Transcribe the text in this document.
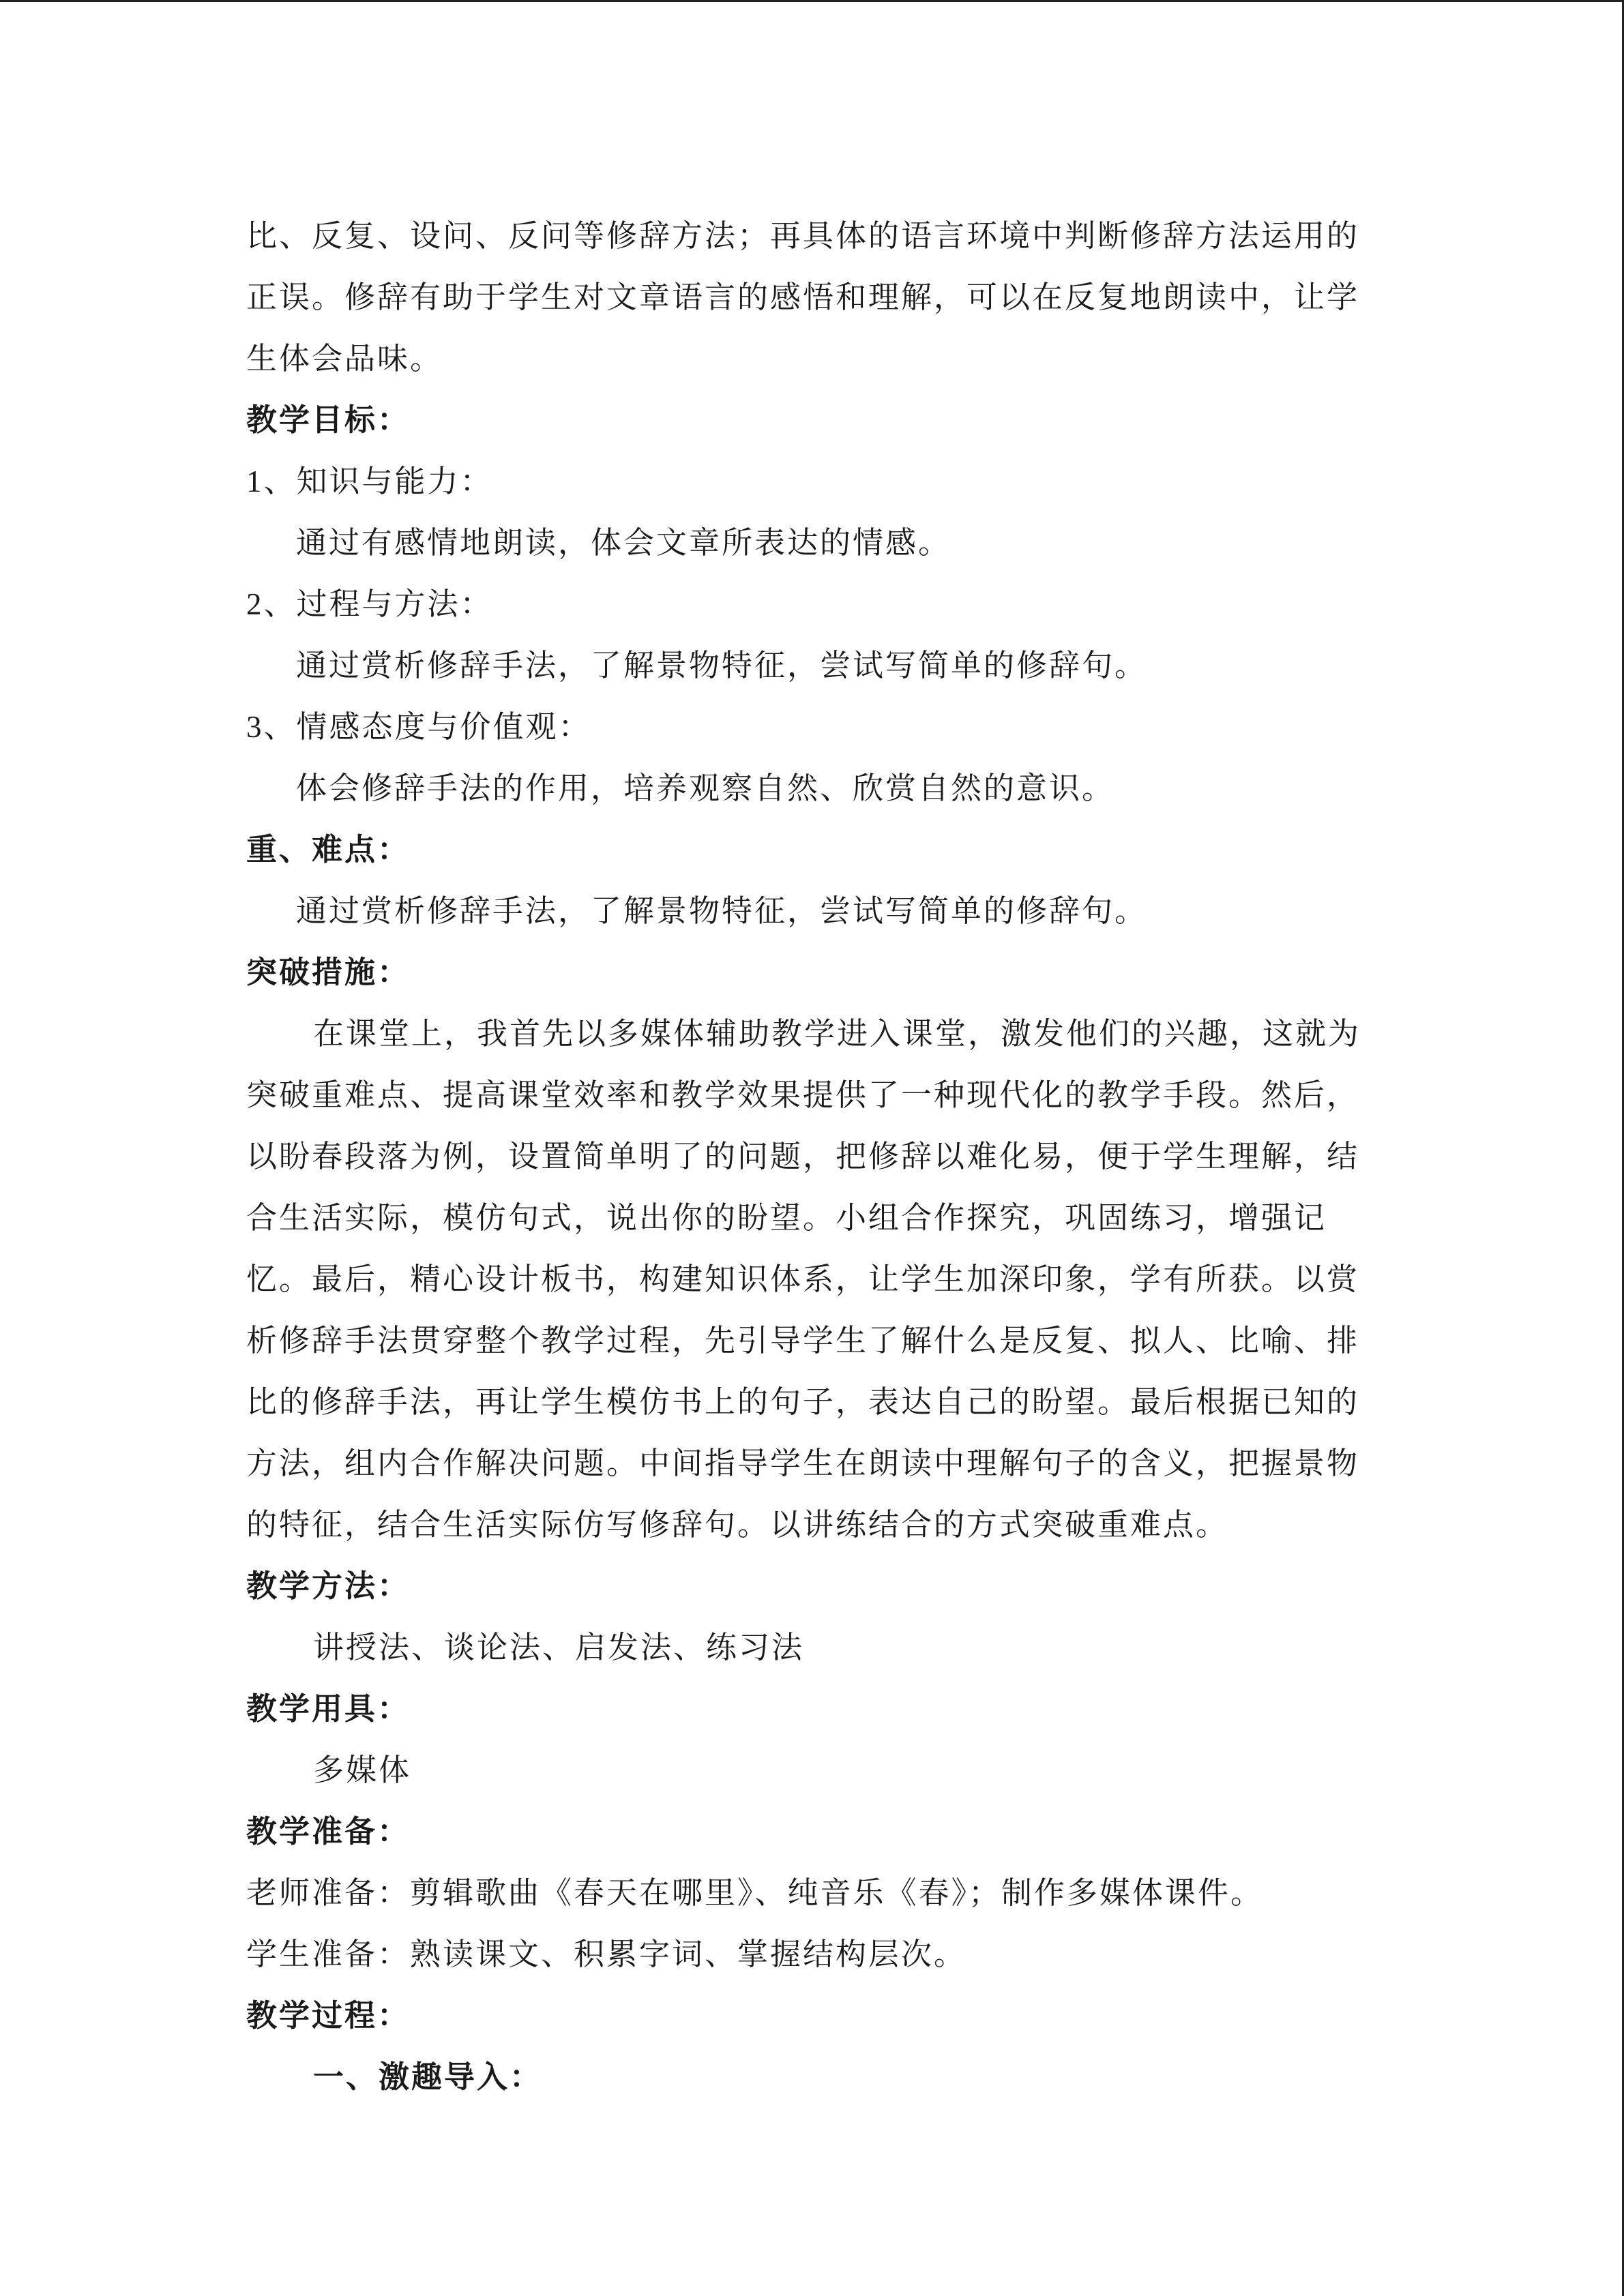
比、反复、设问、反问等修辞方法；再具体的语言环境中判断修辞方法运用的
正误。修辞有助于学生对文章语言的感悟和理解，可以在反复地朗读中，让学
生体会品味。
教学目标：
1、知识与能力：
通过有感情地朗读，体会文章所表达的情感。
2、过程与方法：
通过赏析修辞手法，了解景物特征，尝试写简单的修辞句。
3、情感态度与价值观：
体会修辞手法的作用，培养观察自然、欣赏自然的意识。
重、难点：
通过赏析修辞手法，了解景物特征，尝试写简单的修辞句。
突破措施：
在课堂上，我首先以多媒体辅助教学进入课堂，激发他们的兴趣，这就为
突破重难点、提高课堂效率和教学效果提供了一种现代化的教学手段。然后，
以盼春段落为例，设置简单明了的问题，把修辞以难化易，便于学生理解，结
合生活实际，模仿句式，说出你的盼望。小组合作探究，巩固练习，增强记
忆。最后，精心设计板书，构建知识体系，让学生加深印象，学有所获。以赏
析修辞手法贯穿整个教学过程，先引导学生了解什么是反复、拟人、比喻、排
比的修辞手法，再让学生模仿书上的句子，表达自己的盼望。最后根据已知的
方法，组内合作解决问题。中间指导学生在朗读中理解句子的含义，把握景物
的特征，结合生活实际仿写修辞句。以讲练结合的方式突破重难点。
教学方法：
讲授法、谈论法、启发法、练习法
教学用具：
多媒体
教学准备：
老师准备：剪辑歌曲《春天在哪里》、纯音乐《春》；制作多媒体课件。
学生准备：熟读课文、积累字词、掌握结构层次。
教学过程：
一、激趣导入：
